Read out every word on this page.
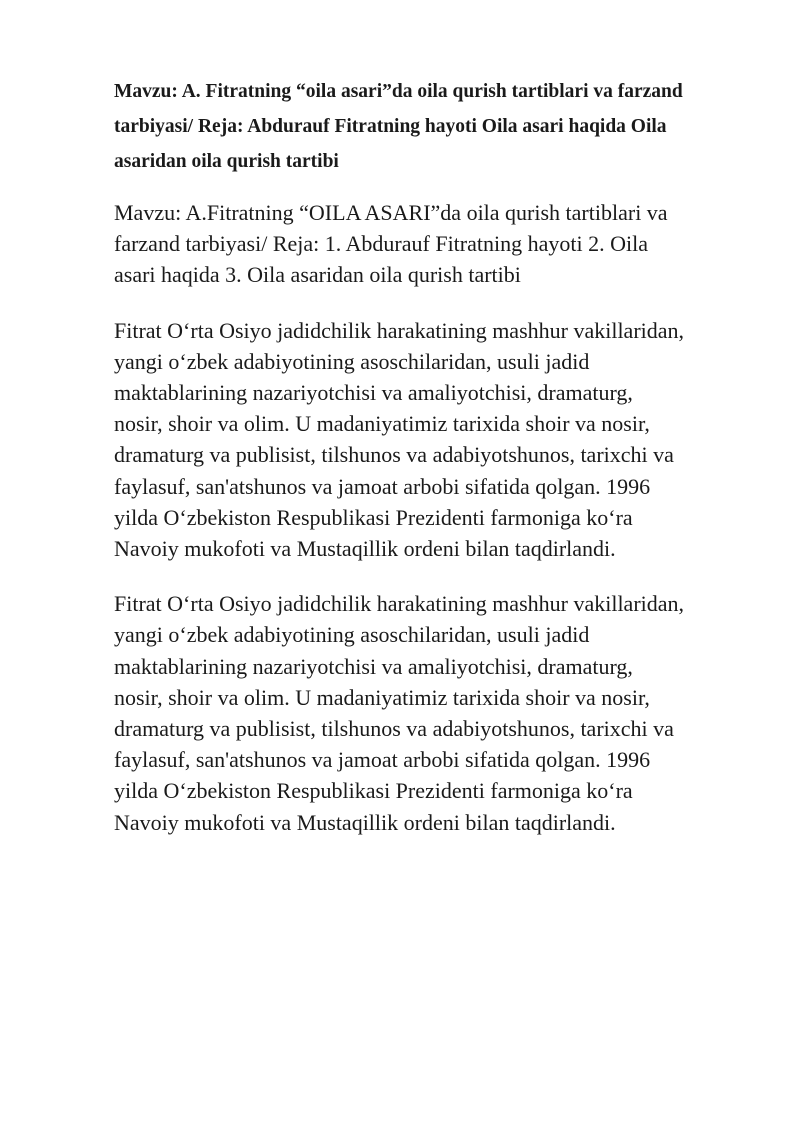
Mavzu: A. Fitratning “oila asari”da oila qurish tartiblari va farzand
tarbiyasi/ Reja: Abdurauf Fitratning hayoti Oila asari haqida Oila
asaridan oila qurish tartibi

Mavzu: A.Fitratning “OILA ASARI”da oila qurish tartiblari va
farzand tarbiyasi/ Reja: 1. Abdurauf Fitratning hayoti 2. Oila
asari haqida 3. Oila asaridan oila qurish tartibi

Fitrat O‘rta Osiyo jadidchilik harakatining mashhur vakillaridan,
yangi o‘zbek adabiyotining asoschilaridan, usuli jadid
maktablarining nazariyotchisi va amaliyotchisi, dramaturg,
nosir, shoir va olim. U madaniyatimiz tarixida shoir va nosir,
dramaturg va publisist, tilshunos va adabiyotshunos, tarixchi va
faylasuf, san'atshunos va jamoat arbobi sifatida qolgan. 1996
yilda O‘zbekiston Respublikasi Prezidenti farmoniga ko‘ra
Navoiy mukofoti va Mustaqillik ordeni bilan taqdirlandi.

Fitrat O‘rta Osiyo jadidchilik harakatining mashhur vakillaridan,
yangi o‘zbek adabiyotining asoschilaridan, usuli jadid
maktablarining nazariyotchisi va amaliyotchisi, dramaturg,
nosir, shoir va olim. U madaniyatimiz tarixida shoir va nosir,
dramaturg va publisist, tilshunos va adabiyotshunos, tarixchi va
faylasuf, san'atshunos va jamoat arbobi sifatida qolgan. 1996
yilda O‘zbekiston Respublikasi Prezidenti farmoniga ko‘ra
Navoiy mukofoti va Mustaqillik ordeni bilan taqdirlandi.
